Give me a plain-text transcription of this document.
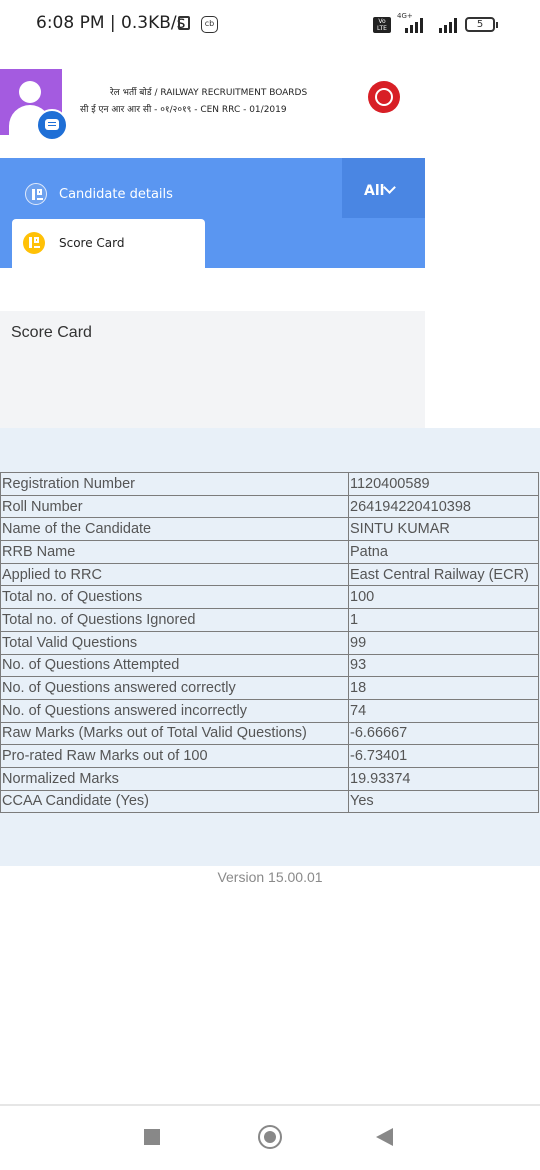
6:08 PM | 0.3KB/s	cb	Vo LTE
4G+
5
रेल भर्ती बोर्ड / RAILWAY RECRUITMENT BOARDS
सी ई एन आर आर सी - ०१/२०१९ - CEN RRC - 01/2019
All
Candidate details
Score Card
Score Card
Registration Number	1120400589
Roll Number	264194220410398
Name of the Candidate	SINTU KUMAR
RRB Name	Patna
Applied to RRC	East Central Railway (ECR)
Total no. of Questions	100
Total no. of Questions Ignored	1
Total Valid Questions	99
No. of Questions Attempted	93
No. of Questions answered correctly	18
No. of Questions answered incorrectly	74
Raw Marks (Marks out of Total Valid Questions)	-6.66667
Pro-rated Raw Marks out of 100	-6.73401
Normalized Marks	19.93374
CCAA Candidate (Yes)	Yes
Version 15.00.01
